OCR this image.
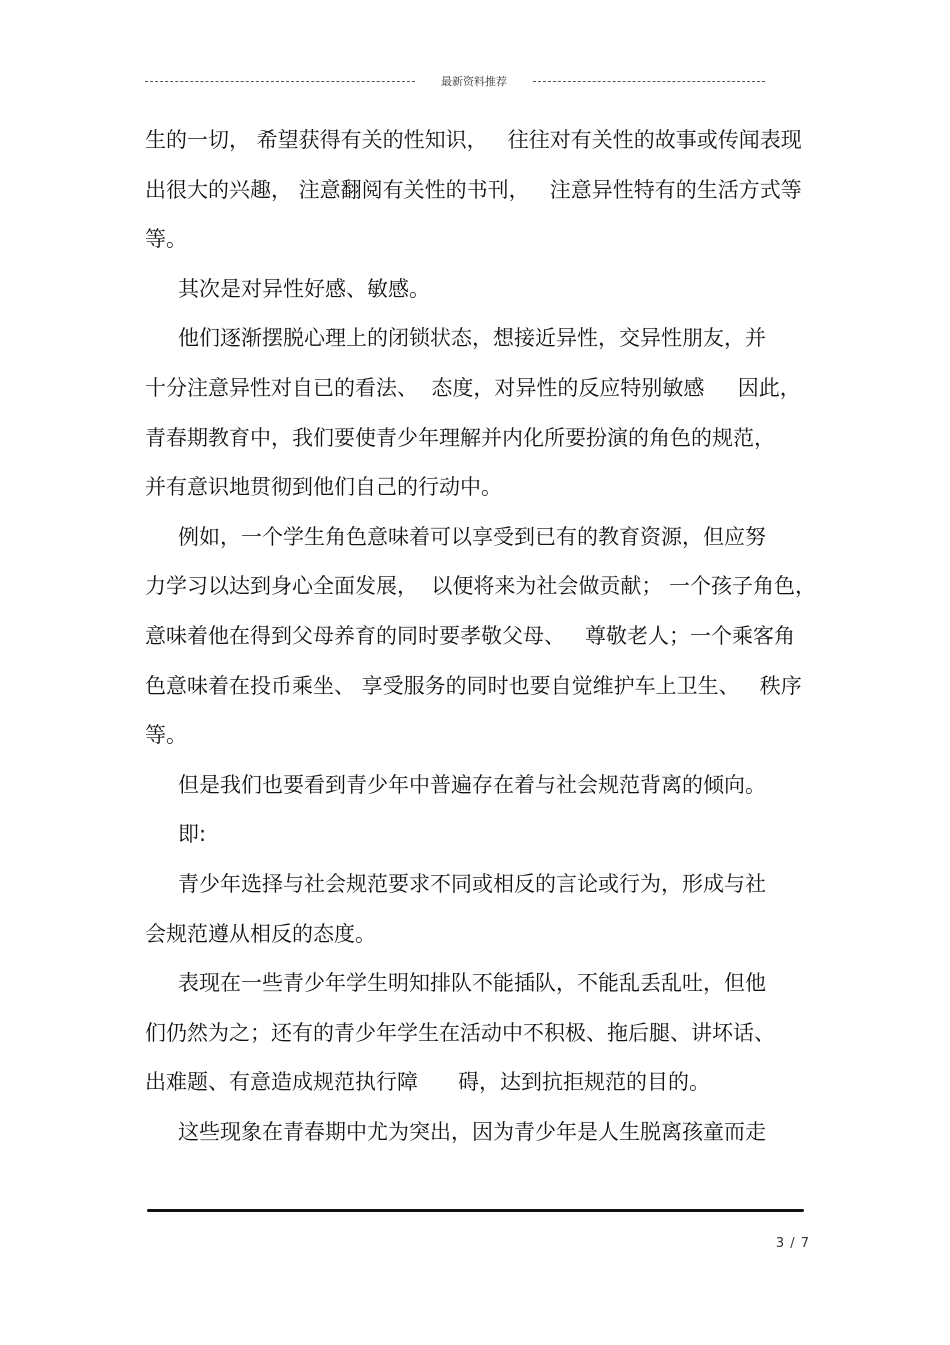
最新资料推荐
生的一切， 希望获得有关的性知识，   往往对有关性的故事或传闻表现
出很大的兴趣， 注意翻阅有关性的书刊，   注意异性特有的生活方式等
等。
其次是对异性好感、敏感。
他们逐渐摆脱心理上的闭锁状态，想接近异性，交异性朋友，并
十分注意异性对自已的看法、  态度，对异性的反应特别敏感     因此，
青春期教育中，我们要使青少年理解并内化所要扮演的角色的规范，
并有意识地贯彻到他们自己的行动中。
例如，一个学生角色意味着可以享受到已有的教育资源，但应努
力学习以达到身心全面发展，  以便将来为社会做贡献； 一个孩子角色，
意味着他在得到父母养育的同时要孝敬父母、   尊敬老人；一个乘客角
色意味着在投币乘坐、 享受服务的同时也要自觉维护车上卫生、   秩序
等。
但是我们也要看到青少年中普遍存在着与社会规范背离的倾向。
即:
青少年选择与社会规范要求不同或相反的言论或行为，形成与社
会规范遵从相反的态度。
表现在一些青少年学生明知排队不能插队，不能乱丢乱吐，但他
们仍然为之；还有的青少年学生在活动中不积极、拖后腿、讲坏话、
出难题、有意造成规范执行障      碍，达到抗拒规范的目的。
这些现象在青春期中尤为突出，因为青少年是人生脱离孩童而走
3 / 7
